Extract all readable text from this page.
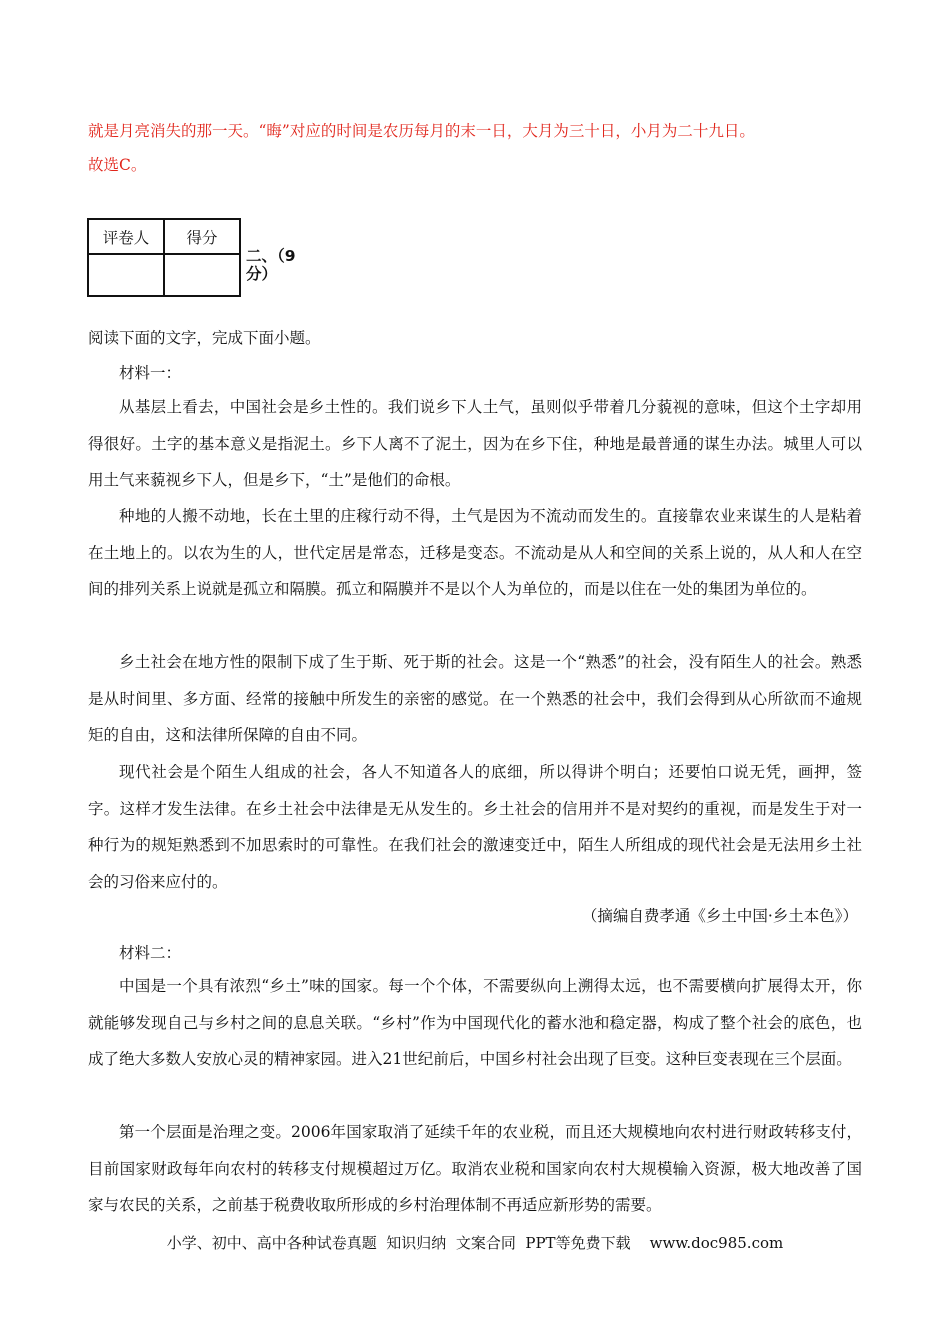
就是月亮消失的那一天。“晦”对应的时间是农历每月的末一日，大月为三十日，小月为二十九日。
故选C。
评卷人	得分

二、（9
分）
阅读下面的文字，完成下面小题。
材料一：

从基层上看去，中国社会是乡土性的。我们说乡下人土气，虽则似乎带着几分藐视的意味，但这个土字却用得很好。土字的基本意义是指泥土。乡下人离不了泥土，因为在乡下住，种地是最普通的谋生办法。城里人可以用土气来藐视乡下人，但是乡下，“土”是他们的命根。

种地的人搬不动地，长在土里的庄稼行动不得，土气是因为不流动而发生的。直接靠农业来谋生的人是粘着在土地上的。以农为生的人，世代定居是常态，迁移是变态。不流动是从人和空间的关系上说的，从人和人在空间的排列关系上说就是孤立和隔膜。孤立和隔膜并不是以个人为单位的，而是以住在一处的集团为单位的。

乡土社会在地方性的限制下成了生于斯、死于斯的社会。这是一个“熟悉”的社会，没有陌生人的社会。熟悉是从时间里、多方面、经常的接触中所发生的亲密的感觉。在一个熟悉的社会中，我们会得到从心所欲而不逾规矩的自由，这和法律所保障的自由不同。

现代社会是个陌生人组成的社会，各人不知道各人的底细，所以得讲个明白；还要怕口说无凭，画押，签字。这样才发生法律。在乡土社会中法律是无从发生的。乡土社会的信用并不是对契约的重视，而是发生于对一种行为的规矩熟悉到不加思索时的可靠性。在我们社会的激速变迁中，陌生人所组成的现代社会是无法用乡土社会的习俗来应付的。

（摘编自费孝通《乡土中国·乡土本色》）
材料二：

中国是一个具有浓烈“乡土”味的国家。每一个个体，不需要纵向上溯得太远，也不需要横向扩展得太开，你就能够发现自己与乡村之间的息息关联。“乡村”作为中国现代化的蓄水池和稳定器，构成了整个社会的底色，也成了绝大多数人安放心灵的精神家园。进入21世纪前后，中国乡村社会出现了巨变。这种巨变表现在三个层面。

第一个层面是治理之变。2006年国家取消了延续千年的农业税，而且还大规模地向农村进行财政转移支付，目前国家财政每年向农村的转移支付规模超过万亿。取消农业税和国家向农村大规模输入资源，极大地改善了国家与农民的关系，之前基于税费收取所形成的乡村治理体制不再适应新形势的需要。

小学、初中、高中各种试卷真题  知识归纳  文案合同  PPT等免费下载    www.doc985.com
